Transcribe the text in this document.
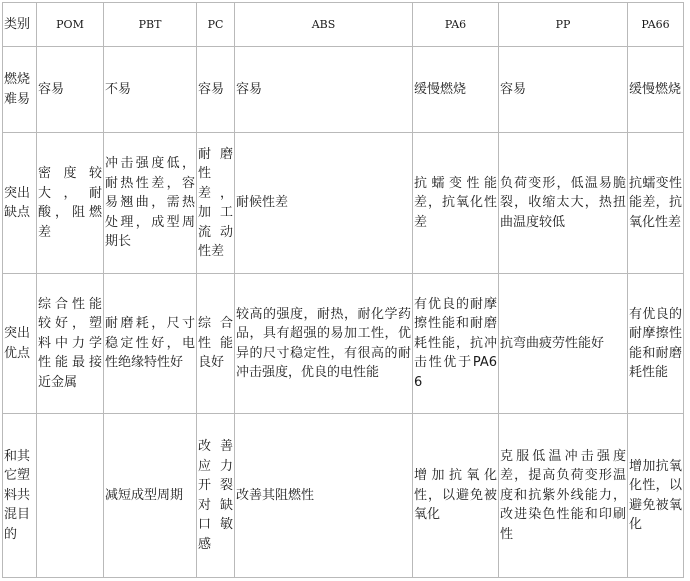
类别	POM	PBT	PC	ABS	PA6	PP	PA66
燃烧难易	容易	不易	容易	容易	缓慢燃烧	容易	缓慢燃烧
突出缺点	密度较大，耐酸，阻燃差	冲击强度低，耐热性差，容易翘曲，需热处理，成型周期长	耐磨性差，加工流动性差	耐候性差	抗蠕变性能差，抗氧化性差	负荷变形，低温易脆裂，收缩太大，热扭曲温度较低	抗蠕变性能差，抗氧化性差
突出优点	综合性能较好，塑料中力学性能最接近金属	耐磨耗，尺寸稳定性好，电性绝缘特性好	综合性能良好	较高的强度，耐热，耐化学药品，具有超强的易加工性，优异的尺寸稳定性，有很高的耐冲击强度，优良的电性能	有优良的耐摩擦性能和耐磨耗性能，抗冲击性优于PA66	抗弯曲疲劳性能好	有优良的耐摩擦性能和耐磨耗性能
和其它塑料共混目的		减短成型周期	改善应力开裂对缺口敏感	改善其阻燃性	增加抗氧化性，以避免被氧化	克服低温冲击强度差，提高负荷变形温度和抗紫外线能力，改进染色性能和印刷性	增加抗氧化性，以避免被氧化
